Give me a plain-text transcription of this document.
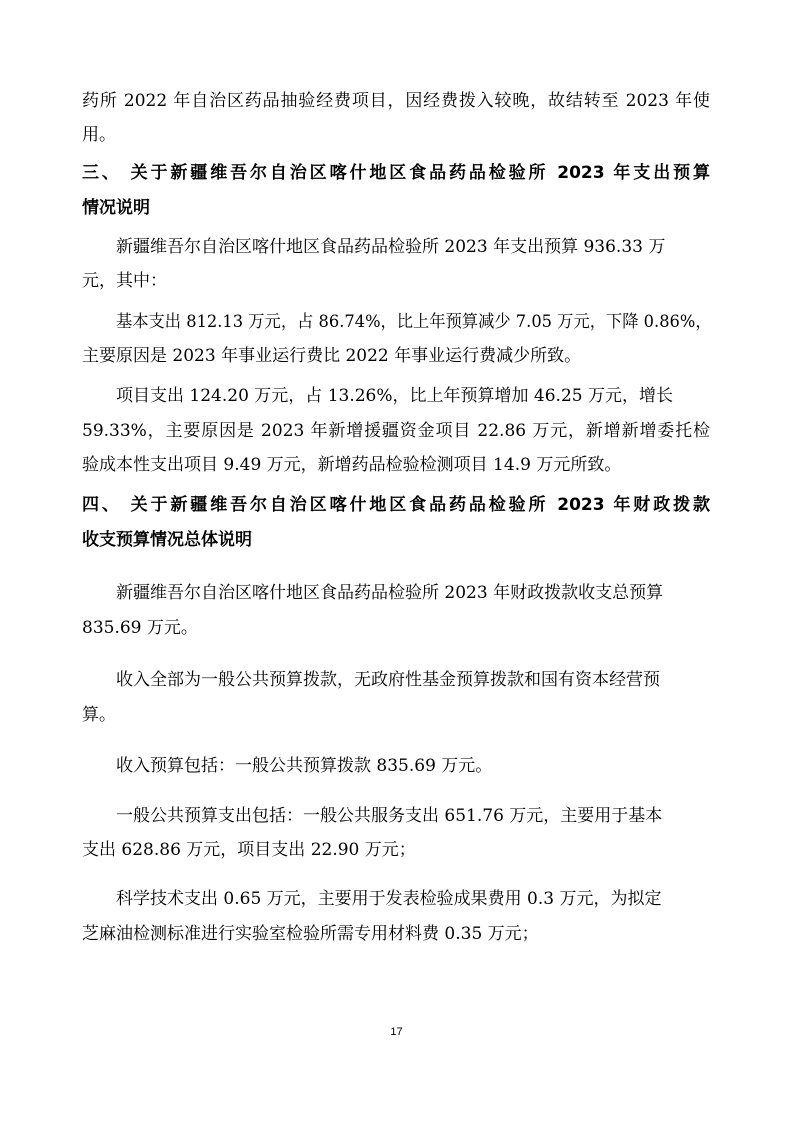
药所 2022 年自治区药品抽验经费项目，因经费拨入较晚，故结转至 2023 年使
用。
三、 关于新疆维吾尔自治区喀什地区食品药品检验所 2023 年支出预算
情况说明
新疆维吾尔自治区喀什地区食品药品检验所 2023 年支出预算 936.33 万
元，其中：
基本支出 812.13 万元，占 86.74%，比上年预算减少 7.05 万元，下降 0.86%，
主要原因是 2023 年事业运行费比 2022 年事业运行费减少所致。
项目支出 124.20 万元，占 13.26%，比上年预算增加 46.25 万元，增长
59.33%，主要原因是 2023 年新增援疆资金项目 22.86 万元，新增新增委托检
验成本性支出项目 9.49 万元，新增药品检验检测项目 14.9 万元所致。
四、 关于新疆维吾尔自治区喀什地区食品药品检验所 2023 年财政拨款
收支预算情况总体说明
新疆维吾尔自治区喀什地区食品药品检验所 2023 年财政拨款收支总预算
835.69 万元。
收入全部为一般公共预算拨款，无政府性基金预算拨款和国有资本经营预
算。
收入预算包括：一般公共预算拨款 835.69 万元。
一般公共预算支出包括：一般公共服务支出 651.76 万元，主要用于基本
支出 628.86 万元，项目支出 22.90 万元；
科学技术支出 0.65 万元，主要用于发表检验成果费用 0.3 万元，为拟定
芝麻油检测标准进行实验室检验所需专用材料费 0.35 万元；
17
